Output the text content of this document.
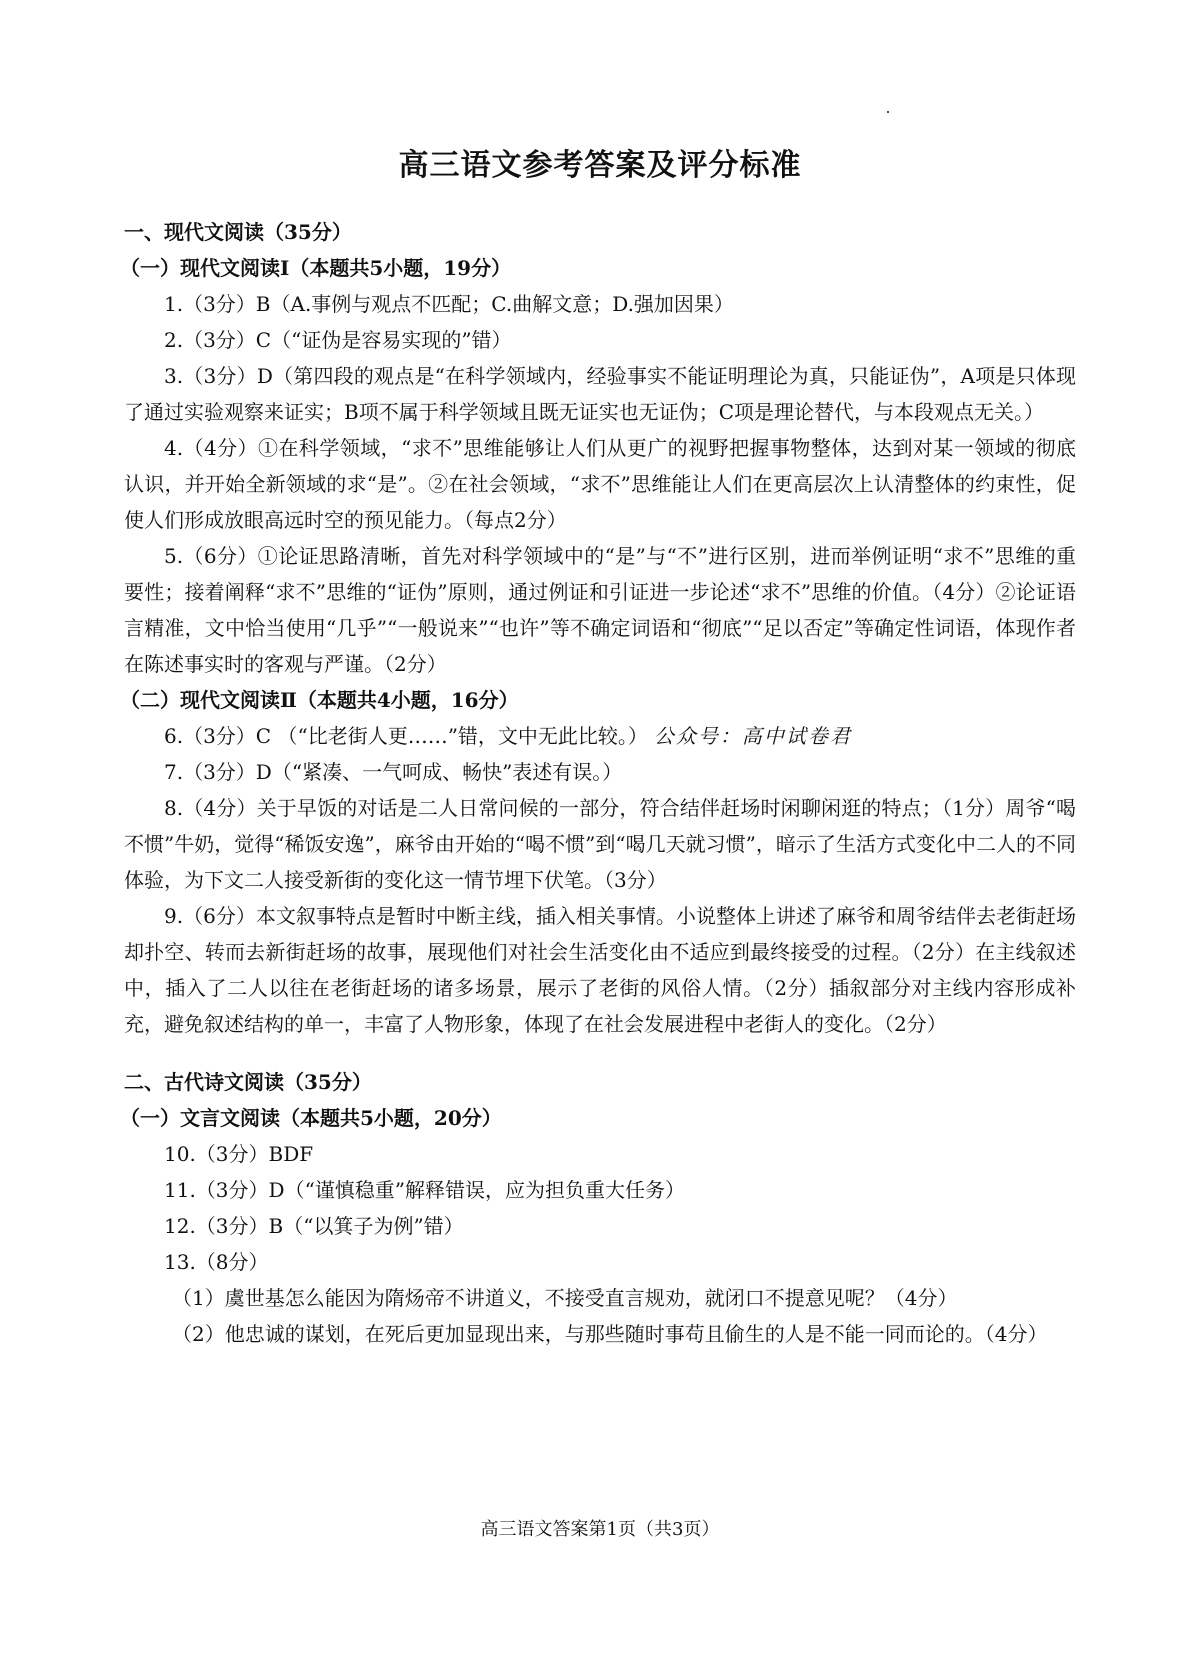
高三语文参考答案及评分标准

一、现代文阅读（35分）

（一）现代文阅读Ⅰ（本题共5小题，19分）

1.（3分）B（A.事例与观点不匹配；C.曲解文意；D.强加因果）

2.（3分）C（“证伪是容易实现的”错）

3.（3分）D（第四段的观点是“在科学领域内，经验事实不能证明理论为真，只能证伪”，A项是只体现了通过实验观察来证实；B项不属于科学领域且既无证实也无证伪；C项是理论替代，与本段观点无关。）

4.（4分）①在科学领域，“求不”思维能够让人们从更广的视野把握事物整体，达到对某一领域的彻底认识，并开始全新领域的求“是”。②在社会领域，“求不”思维能让人们在更高层次上认清整体的约束性，促使人们形成放眼高远时空的预见能力。（每点2分）

5.（6分）①论证思路清晰，首先对科学领域中的“是”与“不”进行区别，进而举例证明“求不”思维的重要性；接着阐释“求不”思维的“证伪”原则，通过例证和引证进一步论述“求不”思维的价值。（4分）②论证语言精准，文中恰当使用“几乎”“一般说来”“也许”等不确定词语和“彻底”“足以否定”等确定性词语，体现作者在陈述事实时的客观与严谨。（2分）

（二）现代文阅读Ⅱ（本题共4小题，16分）

6.（3分）C （“比老街人更……”错，文中无此比较。） 公众号：高中试卷君

7.（3分）D（“紧凑、一气呵成、畅快”表述有误。）

8.（4分）关于早饭的对话是二人日常问候的一部分，符合结伴赶场时闲聊闲逛的特点；（1分）周爷“喝不惯”牛奶，觉得“稀饭安逸”，麻爷由开始的“喝不惯”到“喝几天就习惯”，暗示了生活方式变化中二人的不同体验，为下文二人接受新街的变化这一情节埋下伏笔。（3分）

9.（6分）本文叙事特点是暂时中断主线，插入相关事情。小说整体上讲述了麻爷和周爷结伴去老街赶场却扑空、转而去新街赶场的故事，展现他们对社会生活变化由不适应到最终接受的过程。（2分）在主线叙述中，插入了二人以往在老街赶场的诸多场景，展示了老街的风俗人情。（2分）插叙部分对主线内容形成补充，避免叙述结构的单一，丰富了人物形象，体现了在社会发展进程中老街人的变化。（2分）

二、古代诗文阅读（35分）

（一）文言文阅读（本题共5小题，20分）

10.（3分）BDF

11.（3分）D（“谨慎稳重”解释错误，应为担负重大任务）

12.（3分）B（“以箕子为例”错）

13.（8分）

（1）虞世基怎么能因为隋炀帝不讲道义，不接受直言规劝，就闭口不提意见呢？（4分）

（2）他忠诚的谋划，在死后更加显现出来，与那些随时事苟且偷生的人是不能一同而论的。（4分）

高三语文答案第1页（共3页）
